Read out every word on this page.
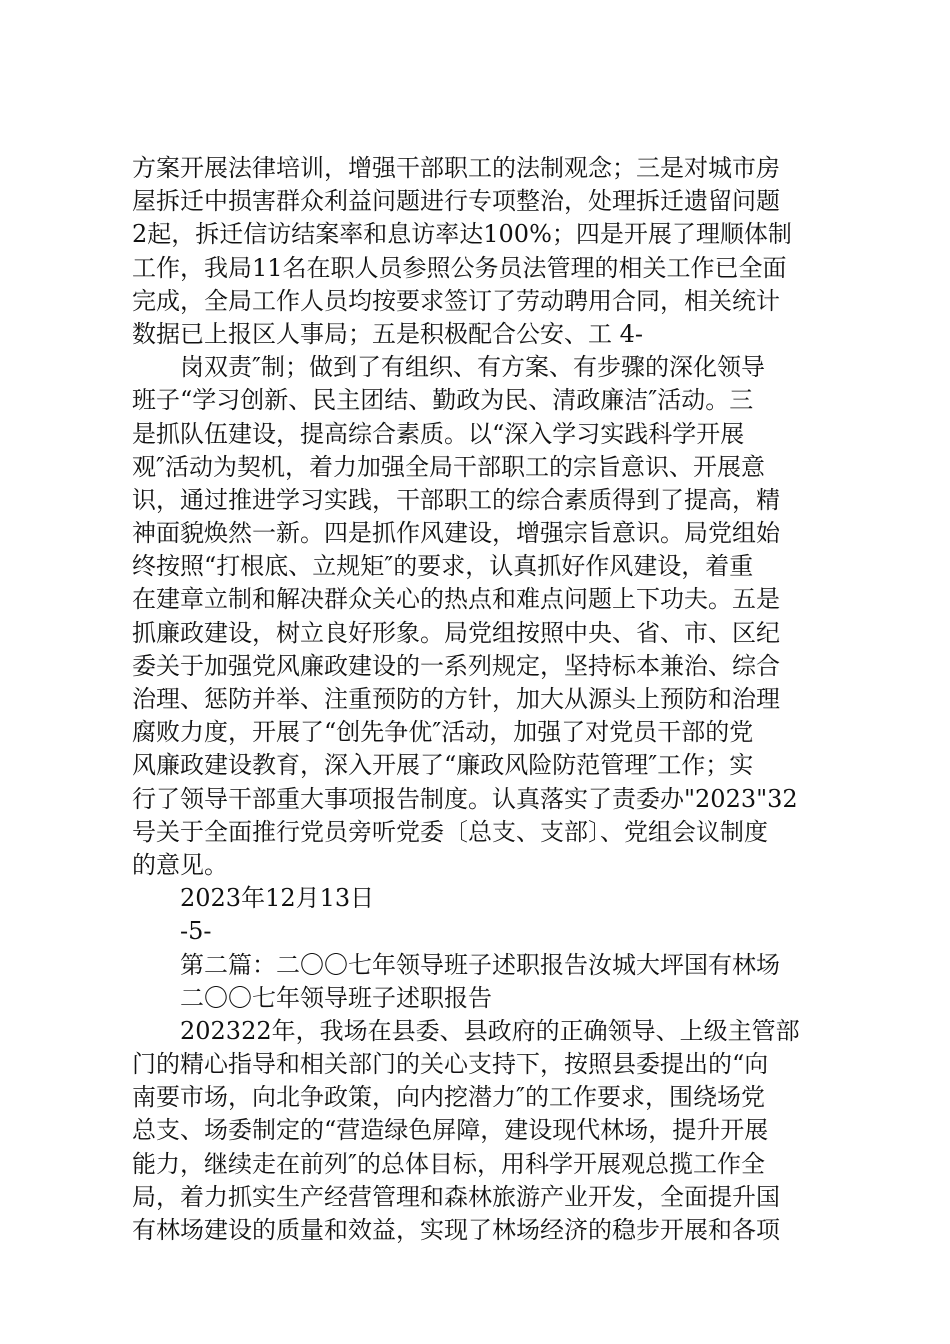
方案开展法律培训，增强干部职工的法制观念；三是对城市房
屋拆迁中损害群众利益问题进行专项整治，处理拆迁遗留问题
2起，拆迁信访结案率和息访率达100%；四是开展了理顺体制
工作，我局11名在职人员参照公务员法管理的相关工作已全面
完成，全局工作人员均按要求签订了劳动聘用合同，相关统计
数据已上报区人事局；五是积极配合公安、工 4-
岗双责″制；做到了有组织、有方案、有步骤的深化领导
班子“学习创新、民主团结、勤政为民、清政廉洁″活动。三
是抓队伍建设，提高综合素质。以“深入学习实践科学开展
观″活动为契机，着力加强全局干部职工的宗旨意识、开展意
识，通过推进学习实践，干部职工的综合素质得到了提高，精
神面貌焕然一新。四是抓作风建设，增强宗旨意识。局党组始
终按照“打根底、立规矩″的要求，认真抓好作风建设，着重
在建章立制和解决群众关心的热点和难点问题上下功夫。五是
抓廉政建设，树立良好形象。局党组按照中央、省、市、区纪
委关于加强党风廉政建设的一系列规定，坚持标本兼治、综合
治理、惩防并举、注重预防的方针，加大从源头上预防和治理
腐败力度，开展了“创先争优″活动，加强了对党员干部的党
风廉政建设教育，深入开展了“廉政风险防范管理″工作；实
行了领导干部重大事项报告制度。认真落实了责委办"2023"32
号关于全面推行党员旁听党委〔总支、支部〕、党组会议制度
的意见。
2023年12月13日
-5-
第二篇：二〇〇七年领导班子述职报告汝城大坪国有林场
二〇〇七年领导班子述职报告
202322年，我场在县委、县政府的正确领导、上级主管部
门的精心指导和相关部门的关心支持下，按照县委提出的“向
南要市场，向北争政策，向内挖潜力″的工作要求，围绕场党
总支、场委制定的“营造绿色屏障，建设现代林场，提升开展
能力，继续走在前列″的总体目标，用科学开展观总揽工作全
局，着力抓实生产经营管理和森林旅游产业开发，全面提升国
有林场建设的质量和效益，实现了林场经济的稳步开展和各项
